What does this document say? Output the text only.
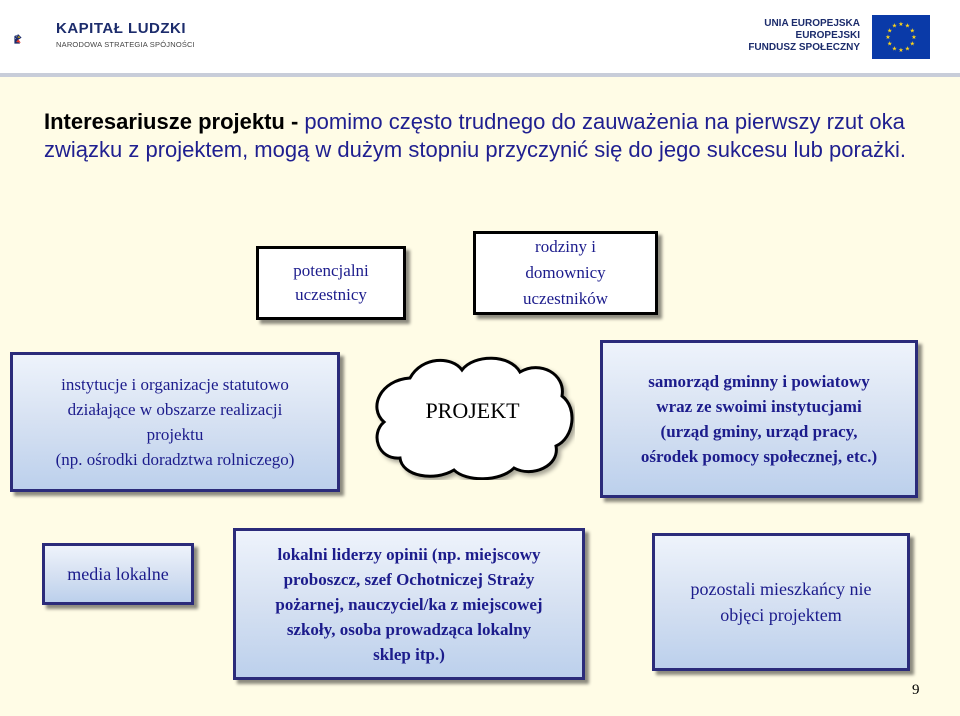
KAPITAŁ LUDZKI
NARODOWA STRATEGIA SPÓJNOŚCI
UNIA EUROPEJSKA
EUROPEJSKI
FUNDUSZ SPOŁECZNY
★
★
★
★
★
★
★
★
★ ★ ★
★
Interesariusze projektu - pomimo często trudnego do zauważenia na pierwszy rzut oka związku z projektem, mogą w dużym stopniu przyczynić się do jego sukcesu lub porażki.
potencjalni
uczestnicy
rodziny i
domownicy
uczestników
instytucje i organizacje statutowo
działające w obszarze realizacji
projektu
(np. ośrodki doradztwa rolniczego)
PROJEKT
samorząd gminny i powiatowy
wraz ze swoimi instytucjami
(urząd gminy, urząd pracy,
ośrodek pomocy społecznej, etc.)
media lokalne
lokalni liderzy opinii (np. miejscowy
proboszcz, szef Ochotniczej Straży
pożarnej, nauczyciel/ka z miejscowej
szkoły, osoba prowadząca lokalny
sklep itp.)
pozostali mieszkańcy nie
objęci projektem
9
